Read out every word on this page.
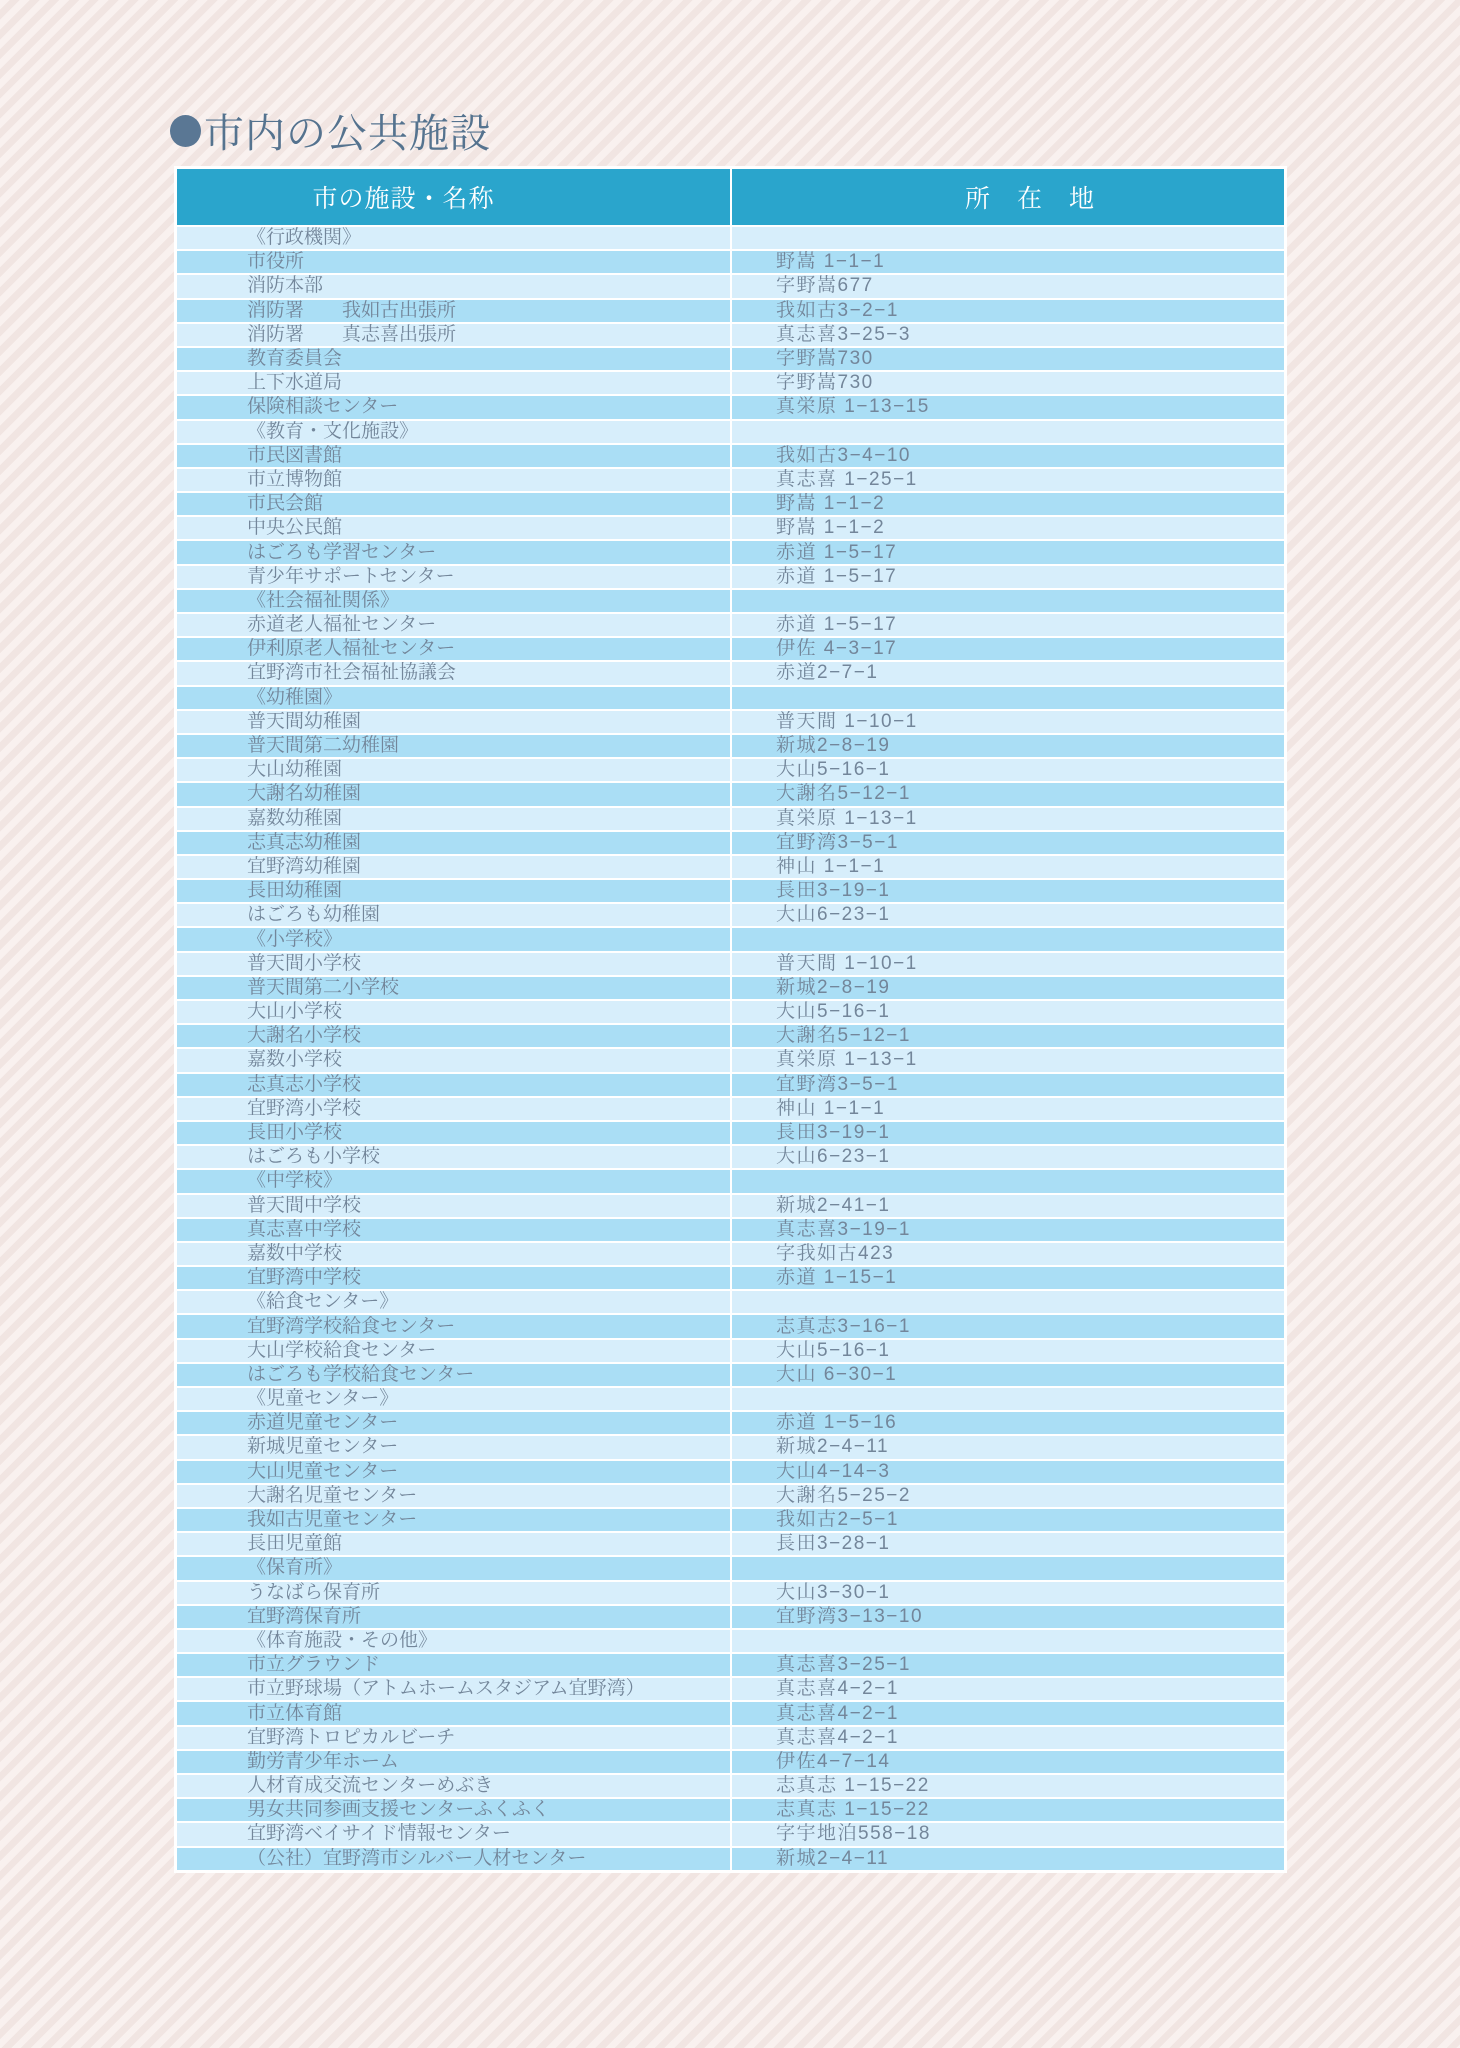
市内の公共施設
市の施設・名称	所　在　地
《行政機関》
市役所	野嵩 1−1−1
消防本部	字野嵩677
消防署　　我如古出張所	我如古3−2−1
消防署　　真志喜出張所	真志喜3−25−3
教育委員会	字野嵩730
上下水道局	字野嵩730
保険相談センター	真栄原 1−13−15
《教育・文化施設》
市民図書館	我如古3−4−10
市立博物館	真志喜 1−25−1
市民会館	野嵩 1−1−2
中央公民館	野嵩 1−1−2
はごろも学習センター	赤道 1−5−17
青少年サポートセンター	赤道 1−5−17
《社会福祉関係》
赤道老人福祉センター	赤道 1−5−17
伊利原老人福祉センター	伊佐 4−3−17
宜野湾市社会福祉協議会	赤道2−7−1
《幼稚園》
普天間幼稚園	普天間 1−10−1
普天間第二幼稚園	新城2−8−19
大山幼稚園	大山5−16−1
大謝名幼稚園	大謝名5−12−1
嘉数幼稚園	真栄原 1−13−1
志真志幼稚園	宜野湾3−5−1
宜野湾幼稚園	神山 1−1−1
長田幼稚園	長田3−19−1
はごろも幼稚園	大山6−23−1
《小学校》
普天間小学校	普天間 1−10−1
普天間第二小学校	新城2−8−19
大山小学校	大山5−16−1
大謝名小学校	大謝名5−12−1
嘉数小学校	真栄原 1−13−1
志真志小学校	宜野湾3−5−1
宜野湾小学校	神山 1−1−1
長田小学校	長田3−19−1
はごろも小学校	大山6−23−1
《中学校》
普天間中学校	新城2−41−1
真志喜中学校	真志喜3−19−1
嘉数中学校	字我如古423
宜野湾中学校	赤道 1−15−1
《給食センター》
宜野湾学校給食センター	志真志3−16−1
大山学校給食センター	大山5−16−1
はごろも学校給食センター	大山 6−30−1
《児童センター》
赤道児童センター	赤道 1−5−16
新城児童センター	新城2−4−11
大山児童センター	大山4−14−3
大謝名児童センター	大謝名5−25−2
我如古児童センター	我如古2−5−1
長田児童館	長田3−28−1
《保育所》
うなばら保育所	大山3−30−1
宜野湾保育所	宜野湾3−13−10
《体育施設・その他》
市立グラウンド	真志喜3−25−1
市立野球場（アトムホームスタジアム宜野湾）	真志喜4−2−1
市立体育館	真志喜4−2−1
宜野湾トロピカルビーチ	真志喜4−2−1
勤労青少年ホーム	伊佐4−7−14
人材育成交流センターめぶき	志真志 1−15−22
男女共同参画支援センターふくふく	志真志 1−15−22
宜野湾ベイサイド情報センター	字宇地泊558−18
（公社）宜野湾市シルバー人材センター	新城2−4−11
